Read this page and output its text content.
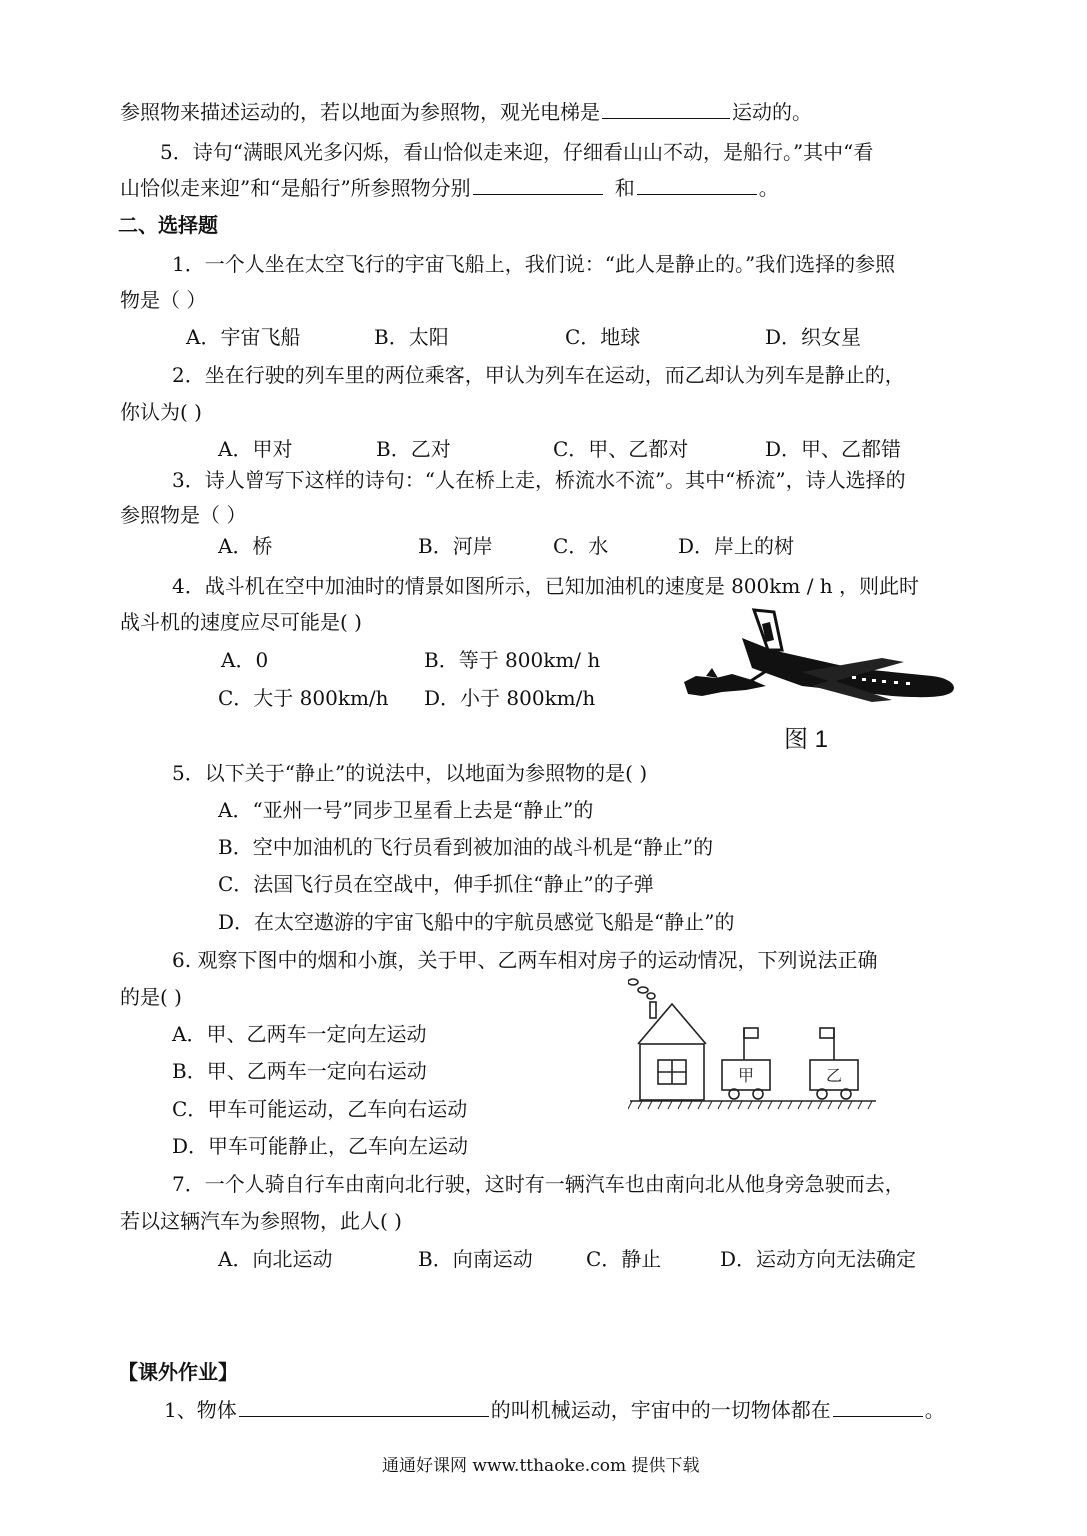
参照物来描述运动的，若以地面为参照物，观光电梯是	运动的。
5．诗句“满眼风光多闪烁，看山恰似走来迎，仔细看山山不动，是船行。”其中“看
山恰似走来迎”和“是船行”所参照物分别	和	。
二、选择题
1．一个人坐在太空飞行的宇宙飞船上，我们说：“此人是静止的。”我们选择的参照
物是（ ）
A．宇宙飞船	B．太阳	C．地球	D．织女星
2．坐在行驶的列车里的两位乘客，甲认为列车在运动，而乙却认为列车是静止的，
你认为( )
A．甲对	B．乙对	C．甲、乙都对	D．甲、乙都错
3．诗人曾写下这样的诗句：“人在桥上走，桥流水不流”。其中“桥流”，诗人选择的
参照物是（ ）
A．桥	B．河岸	C．水	D．岸上的树
4．战斗机在空中加油时的情景如图所示，已知加油机的速度是 800km / h ，则此时
战斗机的速度应尽可能是( )
A．0	B．等于 800km/ h
C．大于 800km/h D．小于 800km/h
图 1
5．以下关于“静止”的说法中，以地面为参照物的是( )
A．“亚州一号”同步卫星看上去是“静止”的
B．空中加油机的飞行员看到被加油的战斗机是“静止”的
C．法国飞行员在空战中，伸手抓住“静止”的子弹
D．在太空遨游的宇宙飞船中的宇航员感觉飞船是“静止”的
6. 观察下图中的烟和小旗，关于甲、乙两车相对房子的运动情况，下列说法正确
的是( )
A．甲、乙两车一定向左运动
B．甲、乙两车一定向右运动
C．甲车可能运动，乙车向右运动
D．甲车可能静止，乙车向左运动
甲	乙
7．一个人骑自行车由南向北行驶，这时有一辆汽车也由南向北从他身旁急驶而去，
若以这辆汽车为参照物，此人( )
A．向北运动	B．向南运动	C．静止	D．运动方向无法确定
【课外作业】
1、物体	的叫机械运动，宇宙中的一切物体都在	。
通通好课网 www.tthaoke.com 提供下载
